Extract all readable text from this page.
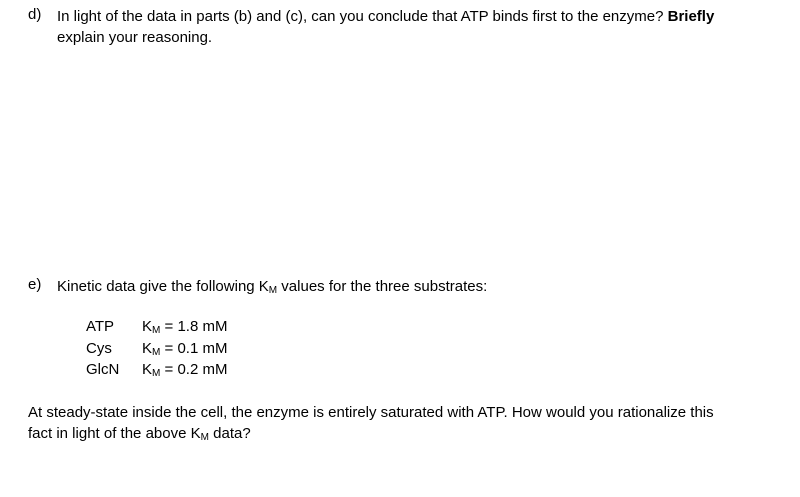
d) In light of the data in parts (b) and (c), can you conclude that ATP binds first to the enzyme? Briefly
explain your reasoning.
e) Kinetic data give the following $K_M$ values for the three substrates:
ATP $K_M = 1.8$ mM
Cys $K_M = 0.1$ mM
GlcN $K_M = 0.2$ mM
At steady-state inside the cell, the enzyme is entirely saturated with ATP. How would you rationalize this
fact in light of the above $K_M$ data?
